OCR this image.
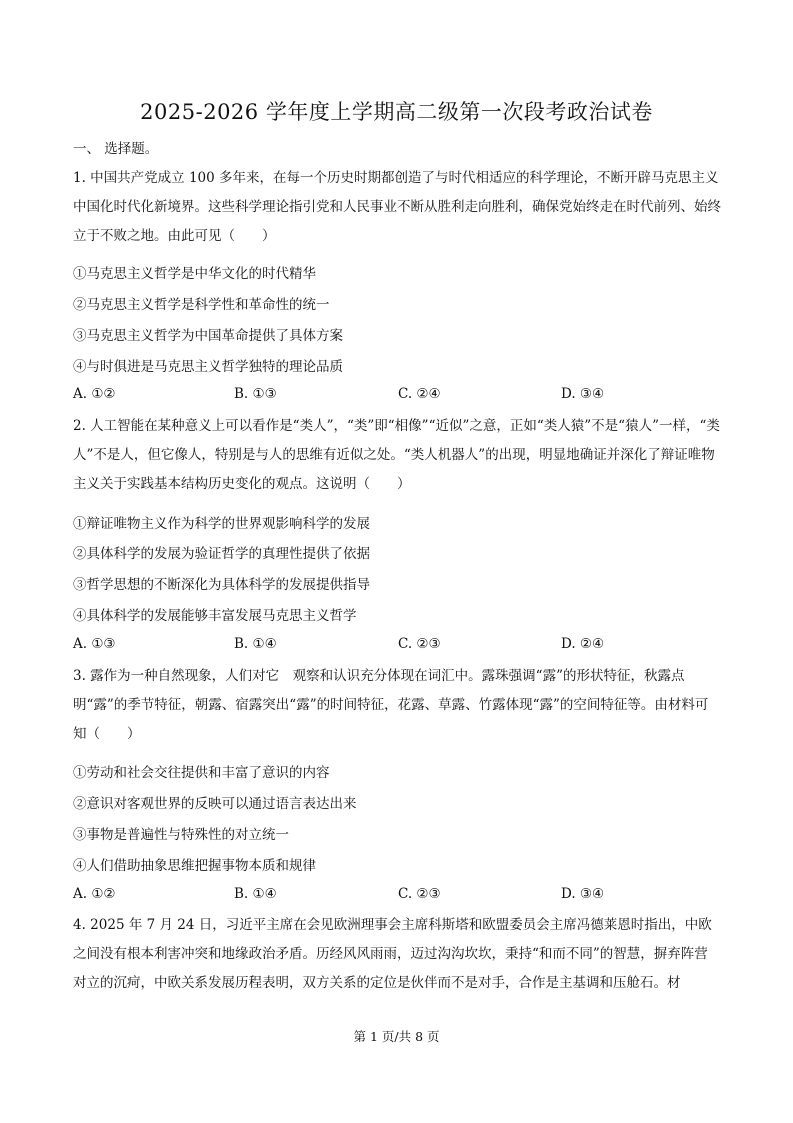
2025-2026 学年度上学期高二级第一次段考政治试卷
一、 选择题。
1. 中国共产党成立 100 多年来，在每一个历史时期都创造了与时代相适应的科学理论，不断开辟马克思主义中国化时代化新境界。这些科学理论指引党和人民事业不断从胜利走向胜利，确保党始终走在时代前列、始终立于不败之地。由此可见（　　）
①马克思主义哲学是中华文化的时代精华
②马克思主义哲学是科学性和革命性的统一
③马克思主义哲学为中国革命提供了具体方案
④与时俱进是马克思主义哲学独特的理论品质
A. ①②	B. ①③	C. ②④	D. ③④
2. 人工智能在某种意义上可以看作是“类人”，“类”即“相像”“近似”之意，正如“类人猿”不是“猿人”一样，“类人”不是人，但它像人，特别是与人的思维有近似之处。“类人机器人”的出现，明显地确证并深化了辩证唯物主义关于实践基本结构历史变化的观点。这说明（　　）
①辩证唯物主义作为科学的世界观影响科学的发展
②具体科学的发展为验证哲学的真理性提供了依据
③哲学思想的不断深化为具体科学的发展提供指导
④具体科学的发展能够丰富发展马克思主义哲学
A. ①③	B. ①④	C. ②③	D. ②④
3. 露作为一种自然现象，人们对它　观察和认识充分体现在词汇中。露珠强调“露”的形状特征，秋露点明“露”的季节特征，朝露、宿露突出“露”的时间特征，花露、草露、竹露体现“露”的空间特征等。由材料可知（　　）
①劳动和社会交往提供和丰富了意识的内容
②意识对客观世界的反映可以通过语言表达出来
③事物是普遍性与特殊性的对立统一
④人们借助抽象思维把握事物本质和规律
A. ①②	B. ①④	C. ②③	D. ③④
4. 2025 年 7 月 24 日，习近平主席在会见欧洲理事会主席科斯塔和欧盟委员会主席冯德莱恩时指出，中欧之间没有根本利害冲突和地缘政治矛盾。历经风风雨雨，迈过沟沟坎坎，秉持“和而不同”的智慧，摒弃阵营对立的沉疴，中欧关系发展历程表明，双方关系的定位是伙伴而不是对手，合作是主基调和压舱石。材
第 1 页/共 8 页
